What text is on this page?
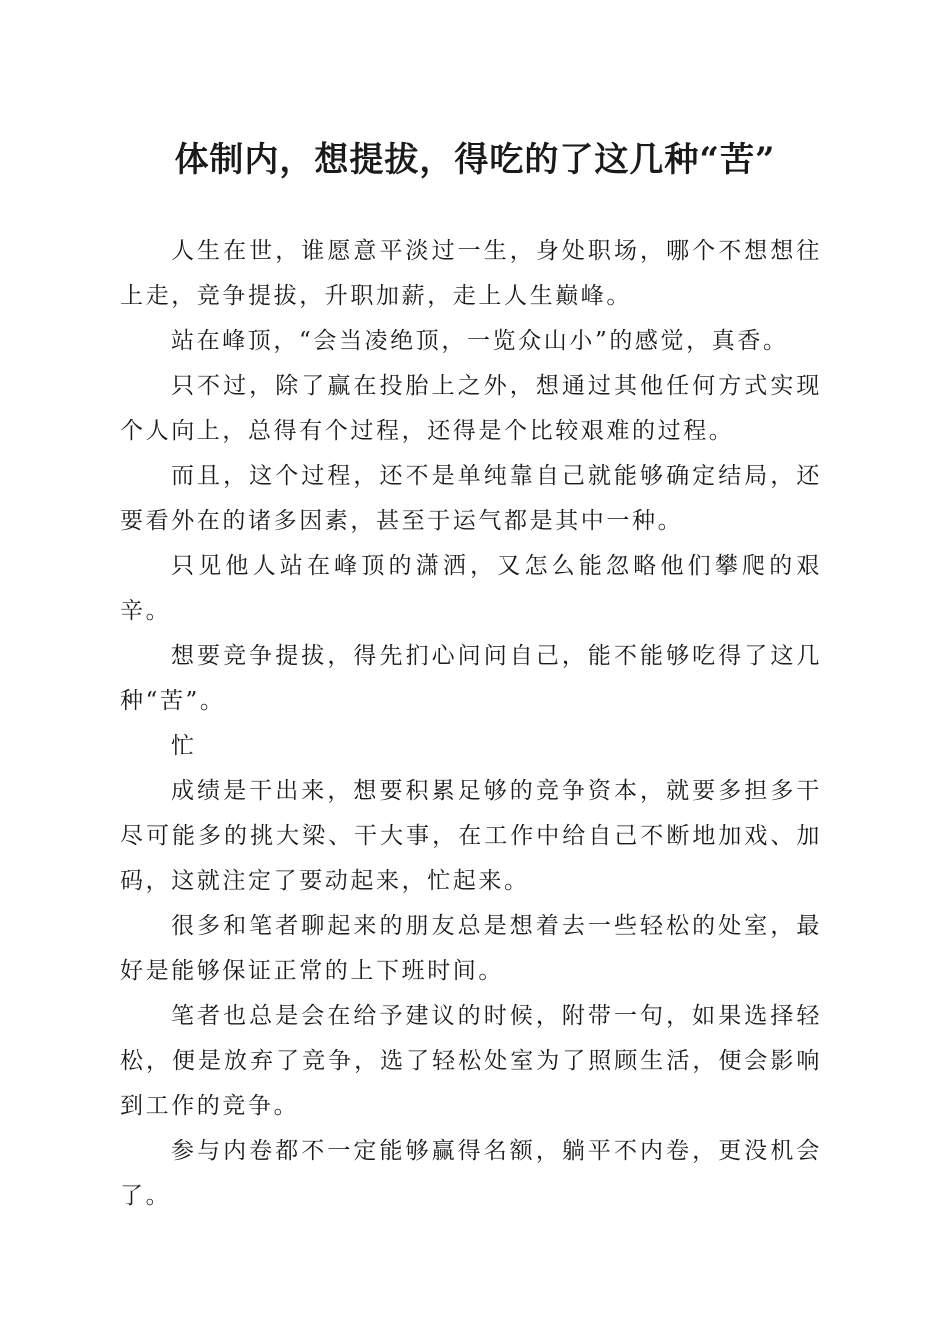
体制内，想提拔，得吃的了这几种“苦”

人生在世，谁愿意平淡过一生，身处职场，哪个不想想往上走，竞争提拔，升职加薪，走上人生巅峰。

站在峰顶，“会当凌绝顶，一览众山小”的感觉，真香。

只不过，除了赢在投胎上之外，想通过其他任何方式实现个人向上，总得有个过程，还得是个比较艰难的过程。

而且，这个过程，还不是单纯靠自己就能够确定结局，还要看外在的诸多因素，甚至于运气都是其中一种。

只见他人站在峰顶的潇洒，又怎么能忽略他们攀爬的艰辛。

想要竞争提拔，得先扪心问问自己，能不能够吃得了这几种“苦”。

忙

成绩是干出来，想要积累足够的竞争资本，就要多担多干尽可能多的挑大梁、干大事，在工作中给自己不断地加戏、加码，这就注定了要动起来，忙起来。

很多和笔者聊起来的朋友总是想着去一些轻松的处室，最好是能够保证正常的上下班时间。

笔者也总是会在给予建议的时候，附带一句，如果选择轻松，便是放弃了竞争，选了轻松处室为了照顾生活，便会影响到工作的竞争。

参与内卷都不一定能够赢得名额，躺平不内卷，更没机会了。
